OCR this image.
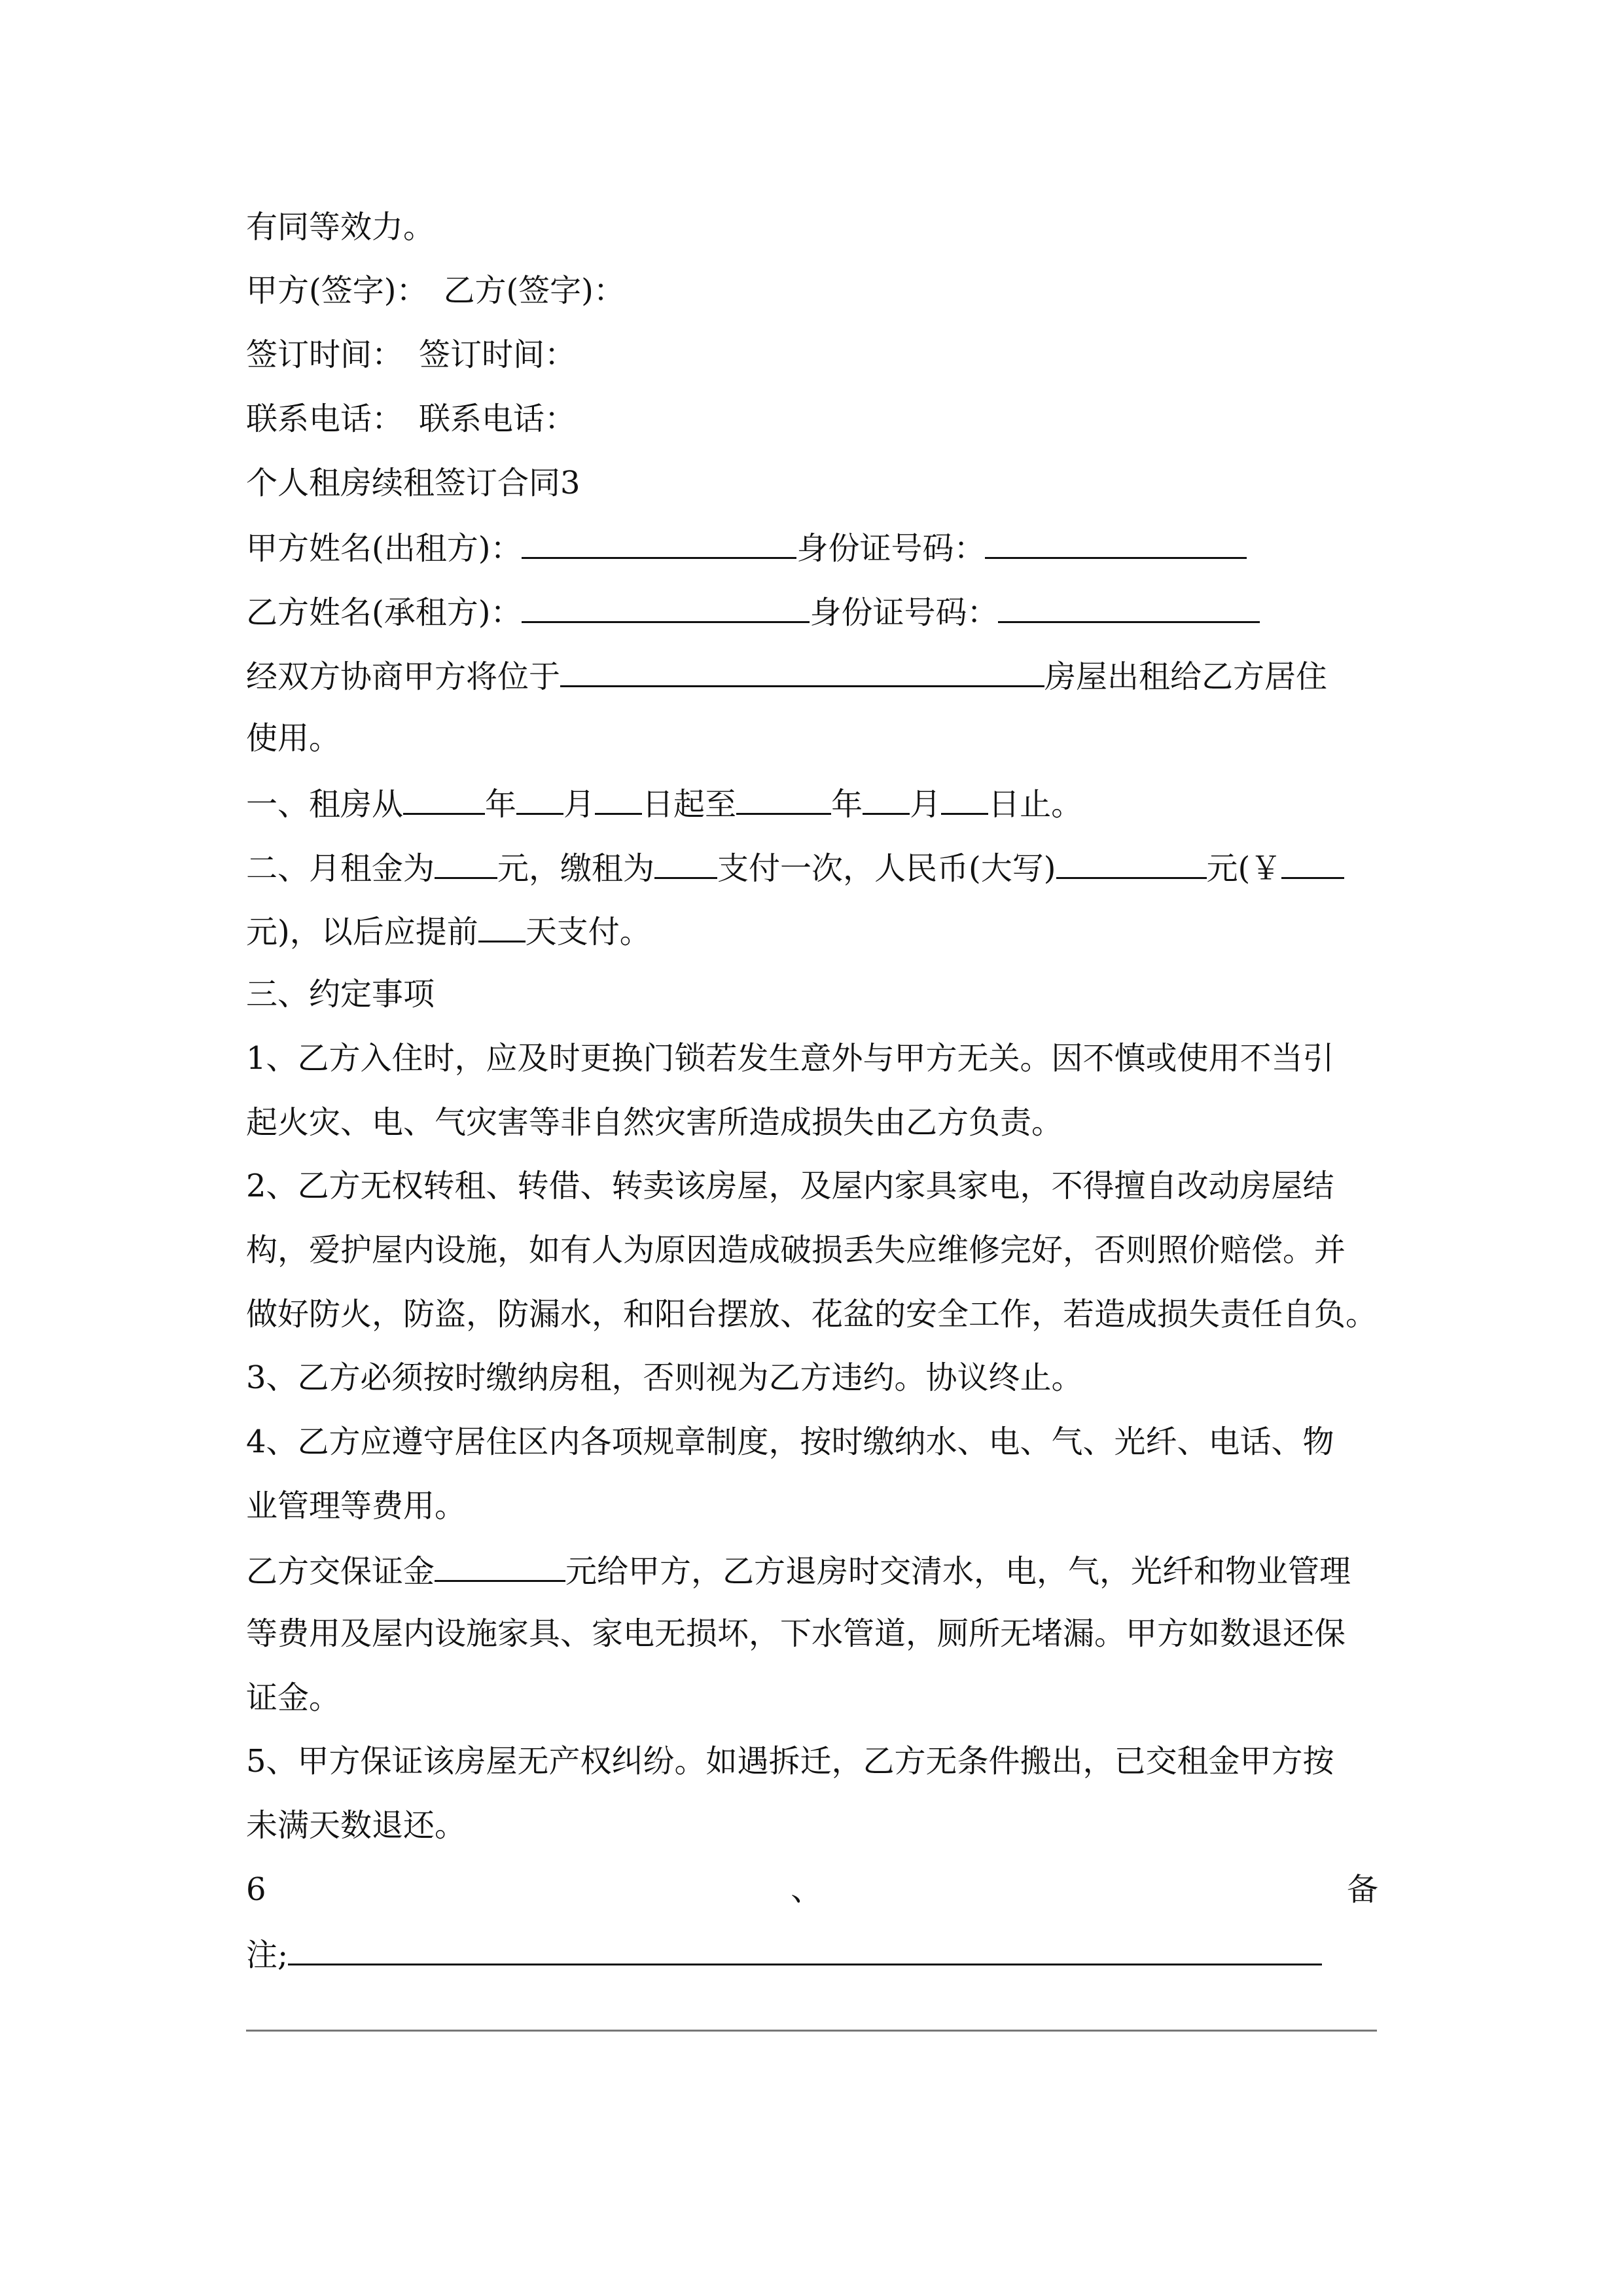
有同等效力。
甲方(签字)：　乙方(签字)：
签订时间：　签订时间：
联系电话：　联系电话：
个人租房续租签订合同3
甲方姓名(出租方)：	身份证号码：
乙方姓名(承租方)：	身份证号码：
经双方协商甲方将位于	房屋出租给乙方居住
使用。
一、租房从	年 月 日起至	年 月 日止。
二、月租金为 元，缴租为 支付一次，人民币(大写)	元(￥
元)，以后应提前 天支付。
三、约定事项
1、乙方入住时，应及时更换门锁若发生意外与甲方无关。因不慎或使用不当引
起火灾、电、气灾害等非自然灾害所造成损失由乙方负责。
2、乙方无权转租、转借、转卖该房屋，及屋内家具家电，不得擅自改动房屋结
构，爱护屋内设施，如有人为原因造成破损丢失应维修完好，否则照价赔偿。并
做好防火，防盗，防漏水，和阳台摆放、花盆的安全工作，若造成损失责任自负。
3、乙方必须按时缴纳房租，否则视为乙方违约。协议终止。
4、乙方应遵守居住区内各项规章制度，按时缴纳水、电、气、光纤、电话、物
业管理等费用。
乙方交保证金	元给甲方，乙方退房时交清水，电，气，光纤和物业管理
等费用及屋内设施家具、家电无损坏，下水管道，厕所无堵漏。甲方如数退还保
证金。
5、甲方保证该房屋无产权纠纷。如遇拆迁，乙方无条件搬出，已交租金甲方按
未满天数退还。
6	、	备
注;
